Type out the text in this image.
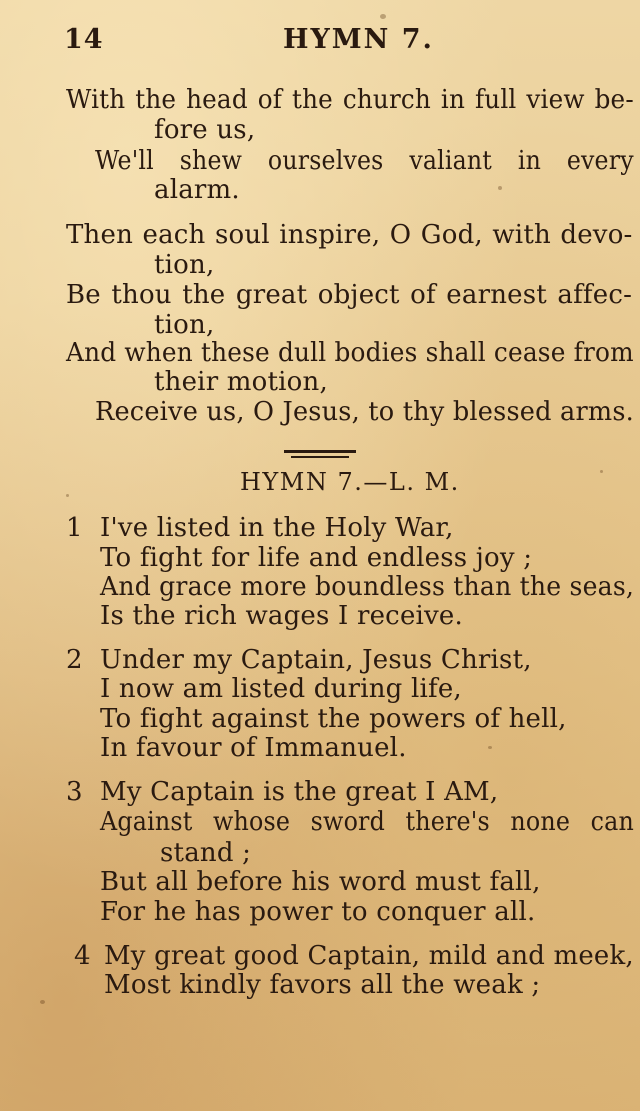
14	HYMN 7.
With the head of the church in full view be-
fore us,
We'll shew ourselves valiant in every
alarm.
Then each soul inspire, O God, with devo-
tion,
Be thou the great object of earnest affec-
tion,
And when these dull bodies shall cease from
their motion,
Receive us, O Jesus, to thy blessed arms.
HYMN 7.—L. M.
1 I've listed in the Holy War,
To fight for life and endless joy ;
And grace more boundless than the seas,
Is the rich wages I receive.
2 Under my Captain, Jesus Christ,
I now am listed during life,
To fight against the powers of hell,
In favour of Immanuel.
3 My Captain is the great I AM,
Against whose sword there's none can
stand ;
But all before his word must fall,
For he has power to conquer all.
4 My great good Captain, mild and meek,
Most kindly favors all the weak ;
